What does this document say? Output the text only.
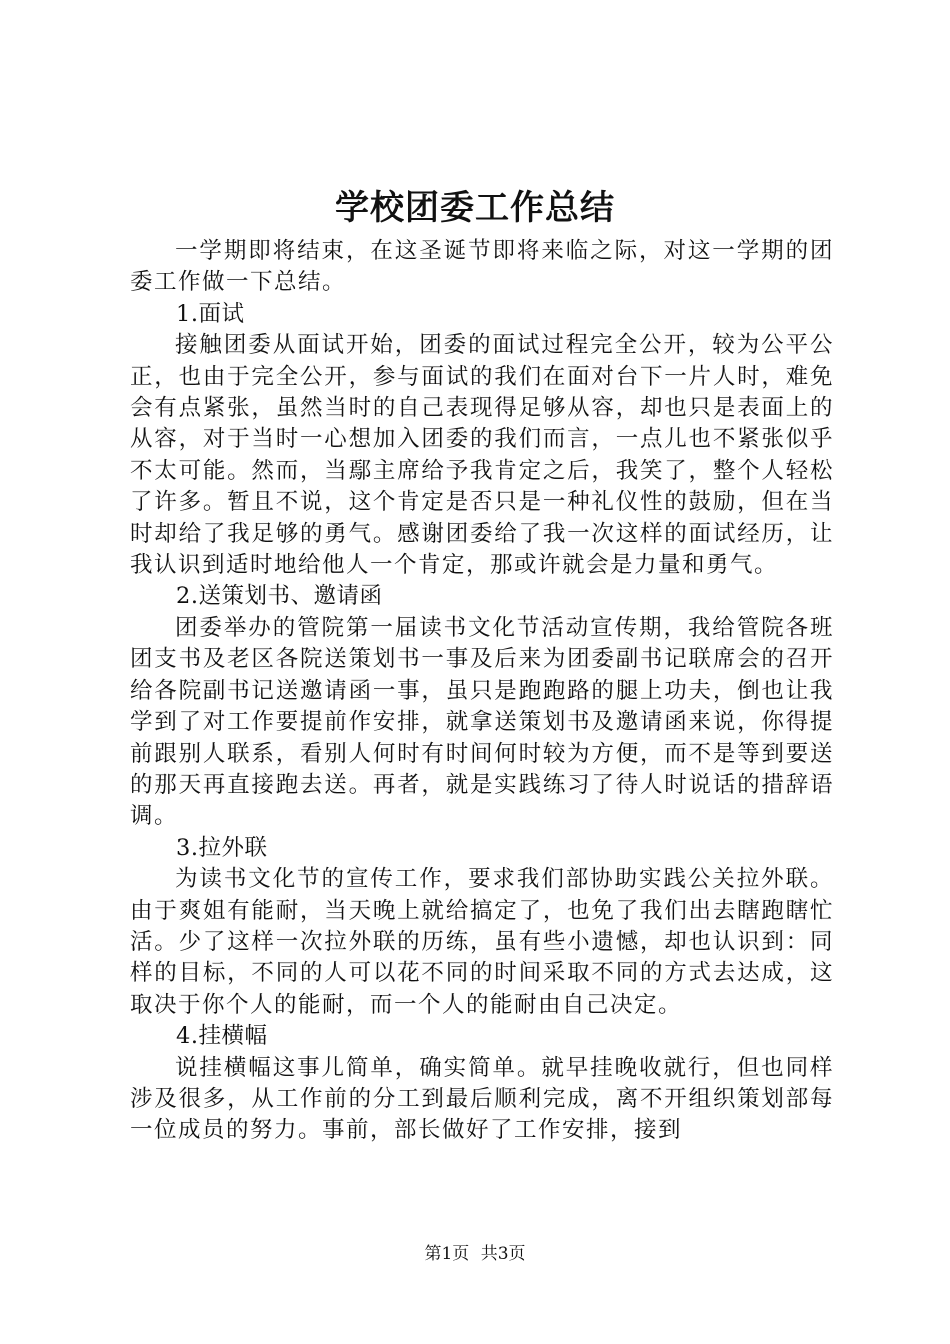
学校团委工作总结

一学期即将结束，在这圣诞节即将来临之际，对这一学期的团委工作做一下总结。

1.面试

接触团委从面试开始，团委的面试过程完全公开，较为公平公正，也由于完全公开，参与面试的我们在面对台下一片人时，难免会有点紧张，虽然当时的自己表现得足够从容，却也只是表面上的从容，对于当时一心想加入团委的我们而言，一点儿也不紧张似乎不太可能。然而，当鄢主席给予我肯定之后，我笑了，整个人轻松了许多。暂且不说，这个肯定是否只是一种礼仪性的鼓励，但在当时却给了我足够的勇气。感谢团委给了我一次这样的面试经历，让我认识到适时地给他人一个肯定，那或许就会是力量和勇气。

2.送策划书、邀请函

团委举办的管院第一届读书文化节活动宣传期，我给管院各班团支书及老区各院送策划书一事及后来为团委副书记联席会的召开给各院副书记送邀请函一事，虽只是跑跑路的腿上功夫，倒也让我学到了对工作要提前作安排，就拿送策划书及邀请函来说，你得提前跟别人联系，看别人何时有时间何时较为方便，而不是等到要送的那天再直接跑去送。再者，就是实践练习了待人时说话的措辞语调。

3.拉外联

为读书文化节的宣传工作，要求我们部协助实践公关拉外联。由于爽姐有能耐，当天晚上就给搞定了，也免了我们出去瞎跑瞎忙活。少了这样一次拉外联的历练，虽有些小遗憾，却也认识到：同样的目标，不同的人可以花不同的时间采取不同的方式去达成，这取决于你个人的能耐，而一个人的能耐由自己决定。

4.挂横幅

说挂横幅这事儿简单，确实简单。就早挂晚收就行，但也同样涉及很多，从工作前的分工到最后顺利完成，离不开组织策划部每一位成员的努力。事前，部长做好了工作安排，接到

第1页 共3页
